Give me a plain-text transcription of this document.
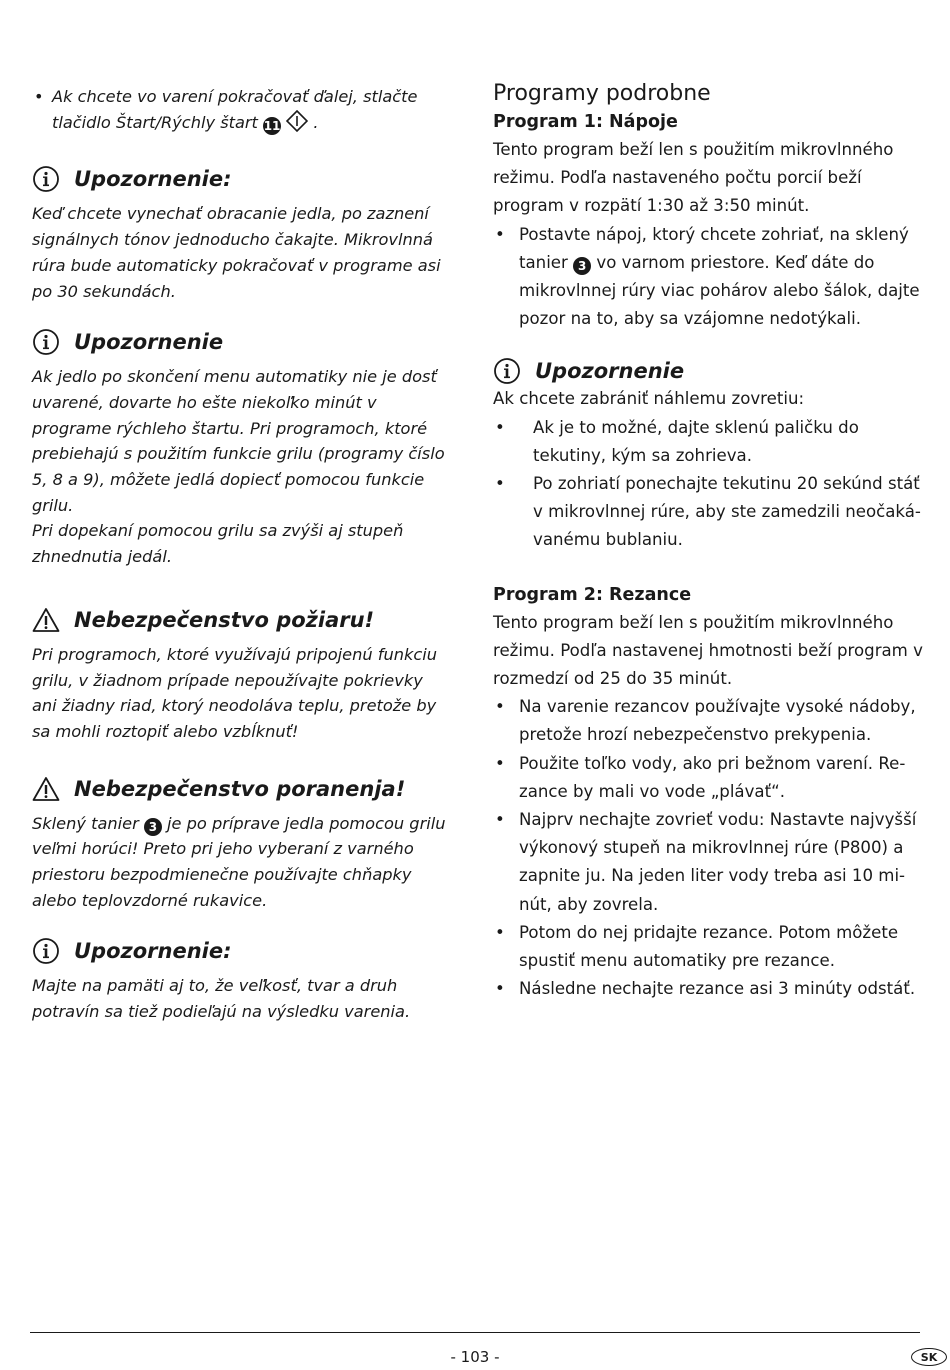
• Ak chcete vo varení pokračovať ďalej, stlačte tlačidlo Štart/Rýchly štart 11 .
Upozornenie:

Keď chcete vynechať obracanie jedla, po zaznení signálnych tónov jednoducho čakajte. Mikrovlnná rúra bude automaticky pokračovať v programe asi po 30 sekundách.

Upozornenie

Ak jedlo po skončení menu automatiky nie je dosť uvarené, dovarte ho ešte niekoľko minút v programe rýchleho štartu. Pri programoch, ktoré prebiehajú s použitím funkcie grilu (programy číslo 5, 8 a 9), môžete jedlá dopiecť pomocou funkcie grilu.

Pri dopekaní pomocou grilu sa zvýši aj stupeň zhnednutia jedál.

Nebezpečenstvo požiaru!

Pri programoch, ktoré využívajú pripojenú funkciu grilu, v žiadnom prípade nepoužívajte pokrievky ani žiadny riad, ktorý neodoláva teplu, pretože by sa mohli roztopiť alebo vzbĺknuť!

Nebezpečenstvo poranenja!

Sklený tanier 3 je po príprave jedla pomocou grilu veľmi horúci! Preto pri jeho vyberaní z varného priestoru bezpodmienečne používajte chňapky alebo teplovzdorné rukavice.

Upozornenie:

Majte na pamäti aj to, že veľkosť, tvar a druh potravín sa tiež podieľajú na výsledku varenia.

Programy podrobne
Program 1: Nápoje

Tento program beží len s použitím mikrovlnného režimu. Podľa nastaveného počtu porcií beží program v rozpätí 1:30 až 3:50 minút.

• Postavte nápoj, ktorý chcete zohriať, na sklený tanier 3 vo varnom priestore. Keď dáte do mikrovlnnej rúry viac pohárov alebo šálok, dajte pozor na to, aby sa vzájomne nedotýkali.
Upozornenie

Ak chcete zabrániť náhlemu zovretiu:

• Ak je to možné, dajte sklenú paličku do tekutiny, kým sa zohrieva.
• Po zohriatí ponechajte tekutinu 20 sekúnd stáť v mikrovlnnej rúre, aby ste zamedzili neočaká-vanému bublaniu.
Program 2: Rezance

Tento program beží len s použitím mikrovlnného režimu. Podľa nastavenej hmotnosti beží program v rozmedzí od 25 do 35 minút.

• Na varenie rezancov používajte vysoké nádoby, pretože hrozí nebezpečenstvo prekypenia.
• Použite toľko vody, ako pri bežnom varení. Re-zance by mali vo vode „plávať“.
• Najprv nechajte zovrieť vodu: Nastavte najvyšší výkonový stupeň na mikrovlnnej rúre (P800) a zapnite ju. Na jeden liter vody treba asi 10 mi-nút, aby zovrela.
• Potom do nej pridajte rezance. Potom môžete spustiť menu automatiky pre rezance.
• Následne nechajte rezance asi 3 minúty odstáť.
- 103 -	SK
